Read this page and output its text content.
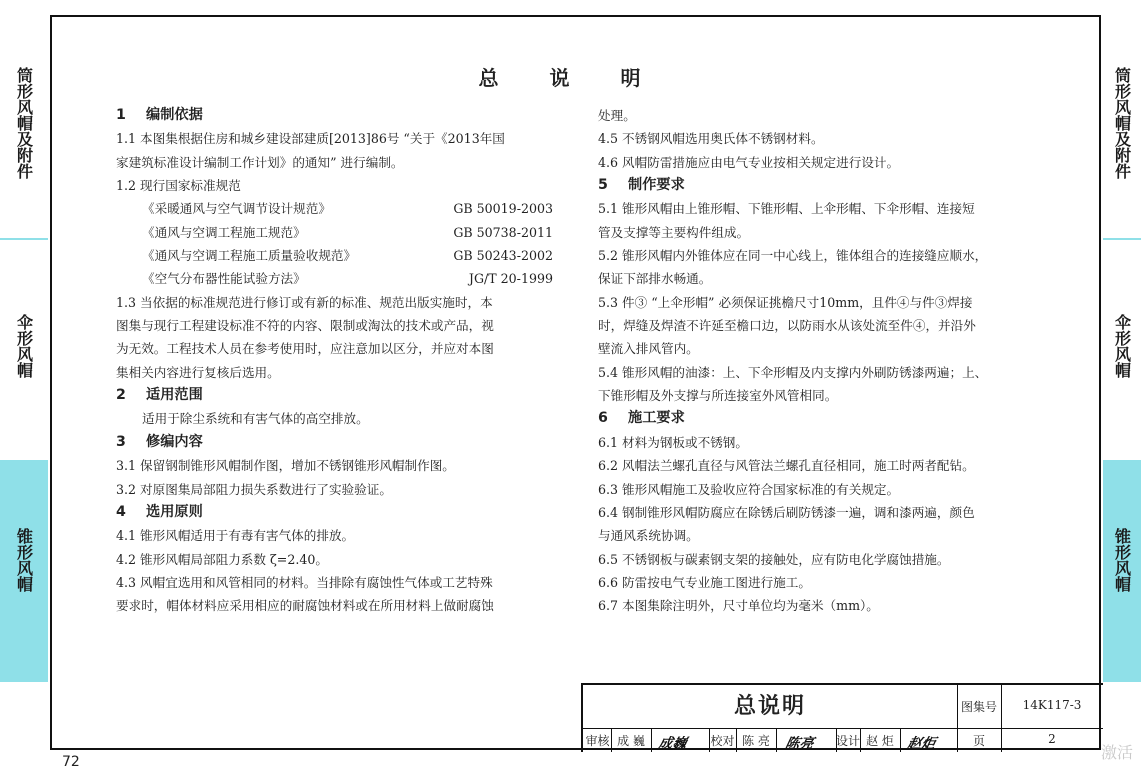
筒形风帽及附件
伞形风帽
锥形风帽
筒形风帽及附件
伞形风帽
锥形风帽
总 说 明
1 编制依据
1.1 本图集根据住房和城乡建设部建质[2013]86号 “关于《2013年国
家建筑标准设计编制工作计划》的通知” 进行编制。
1.2 现行国家标准规范
《采暖通风与空气调节设计规范》	GB 50019-2003
《通风与空调工程施工规范》	GB 50738-2011
《通风与空调工程施工质量验收规范》	GB 50243-2002
《空气分布器性能试验方法》	JG/T 20-1999
1.3 当依据的标准规范进行修订或有新的标准、规范出版实施时，本
图集与现行工程建设标准不符的内容、限制或淘汰的技术或产品，视
为无效。工程技术人员在参考使用时，应注意加以区分，并应对本图
集相关内容进行复核后选用。
2 适用范围
适用于除尘系统和有害气体的高空排放。
3 修编内容
3.1 保留钢制锥形风帽制作图，增加不锈钢锥形风帽制作图。
3.2 对原图集局部阻力损失系数进行了实验验证。
4 选用原则
4.1 锥形风帽适用于有毒有害气体的排放。
4.2 锥形风帽局部阻力系数 ζ=2.40。
4.3 风帽宜选用和风管相同的材料。当排除有腐蚀性气体或工艺特殊
要求时，帽体材料应采用相应的耐腐蚀材料或在所用材料上做耐腐蚀
处理。
4.5 不锈钢风帽选用奥氏体不锈钢材料。
4.6 风帽防雷措施应由电气专业按相关规定进行设计。
5 制作要求
5.1 锥形风帽由上锥形帽、下锥形帽、上伞形帽、下伞形帽、连接短
管及支撑等主要构件组成。
5.2 锥形风帽内外锥体应在同一中心线上，锥体组合的连接缝应顺水，
保证下部排水畅通。
5.3 件③ “上伞形帽” 必须保证挑檐尺寸10mm，且件④与件③焊接
时，焊缝及焊渣不许延至檐口边，以防雨水从该处流至件④，并沿外
壁流入排风管内。
5.4 锥形风帽的油漆：上、下伞形帽及内支撑内外刷防锈漆两遍；上、
下锥形帽及外支撑与所连接室外风管相同。
6 施工要求
6.1 材料为钢板或不锈钢。
6.2 风帽法兰螺孔直径与风管法兰螺孔直径相同，施工时两者配钻。
6.3 锥形风帽施工及验收应符合国家标准的有关规定。
6.4 钢制锥形风帽防腐应在除锈后刷防锈漆一遍，调和漆两遍，颜色
与通风系统协调。
6.5 不锈钢板与碳素钢支架的接触处，应有防电化学腐蚀措施。
6.6 防雷按电气专业施工图进行施工。
6.7 本图集除注明外，尺寸单位均为毫米（mm）。
总说明	图集号	14K117-3
审核 成 巍 成巍 校对 陈 亮 陈亮 设计 赵 炬 赵炬	页	2
72	激活
